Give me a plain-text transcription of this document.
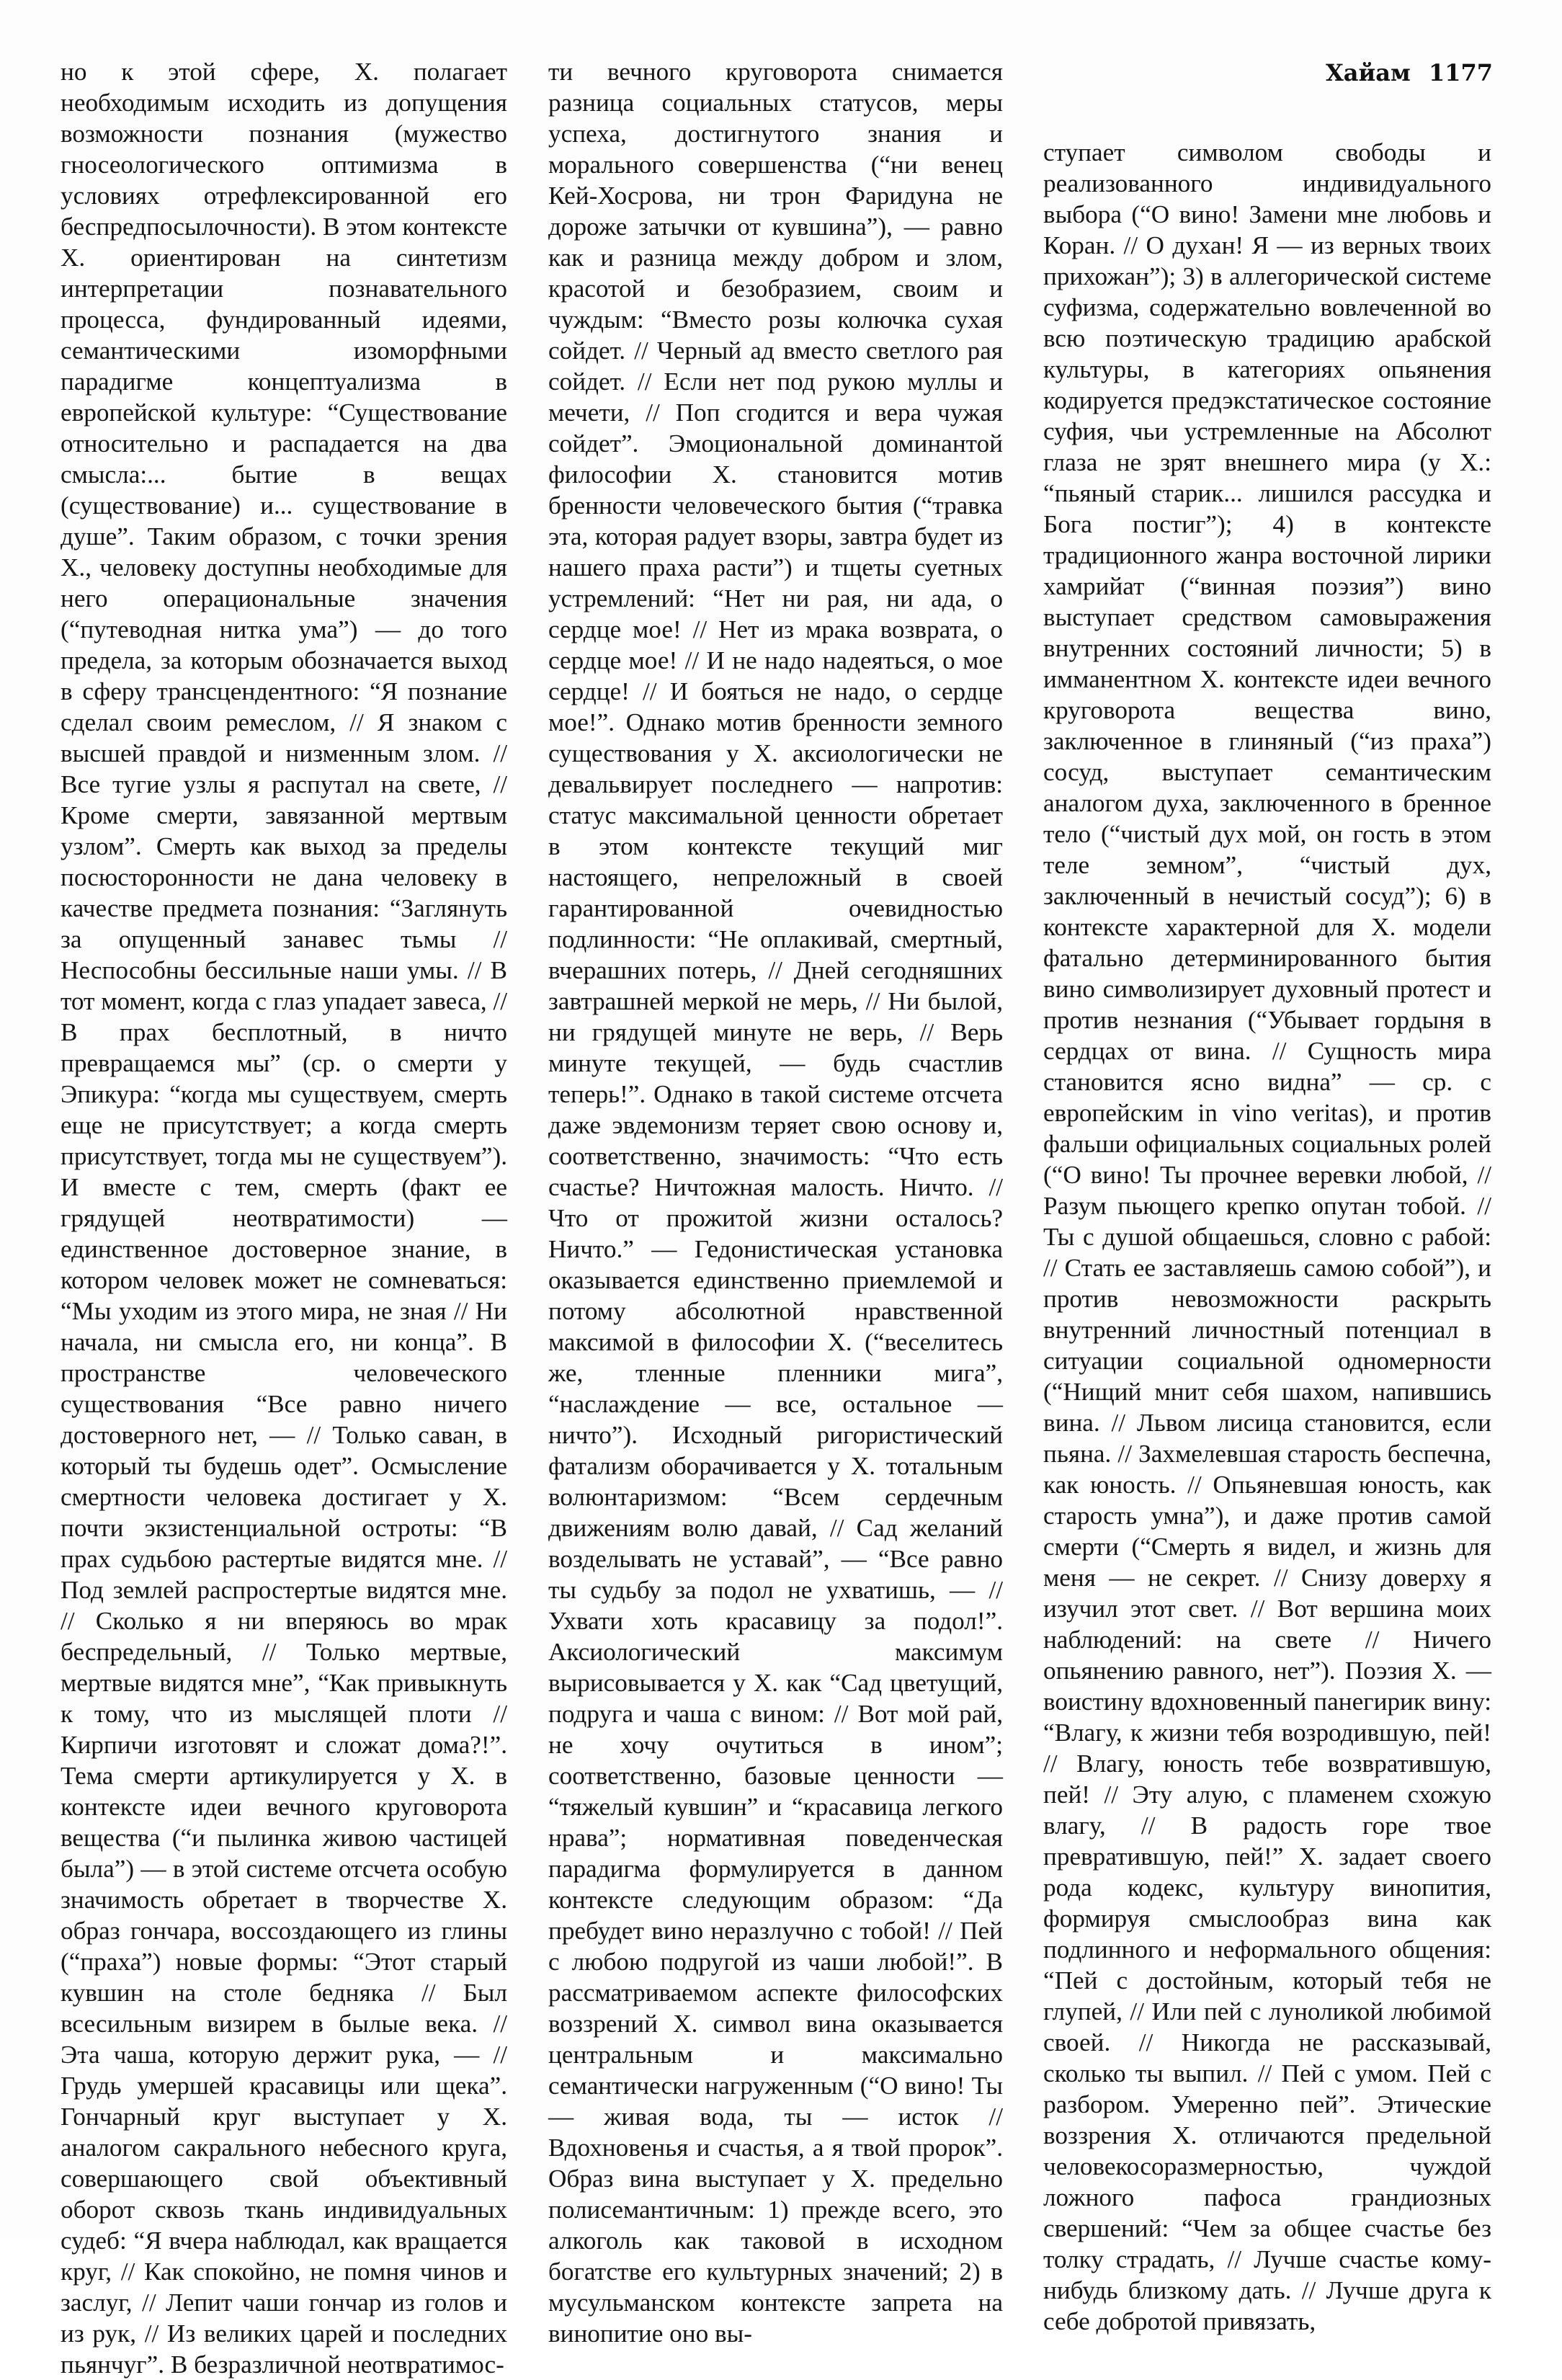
Хайам 1177

но к этой сфере, Х. полагает необходимым исходить из допущения возможности познания (мужество гносеологического оптимизма в условиях отрефлексированной его беспредпосылочности). В этом контексте Х. ориентирован на синтетизм интерпретации познавательного процесса, фундированный идеями, семантическими изоморфными парадигме концептуализма в европейской культуре: “Существование относительно и распадается на два смысла:... бытие в вещах (существование) и... существование в душе”. Таким образом, с точки зрения Х., человеку доступны необходимые для него операциональные значения (“путеводная нитка ума”) — до того предела, за которым обозначается выход в сферу трансцендентного: “Я познание сделал своим ремеслом, // Я знаком с высшей правдой и низменным злом. // Все тугие узлы я распутал на свете, // Кроме смерти, завязанной мертвым узлом”. Смерть как выход за пределы посюсторонности не дана человеку в качестве предмета познания: “Заглянуть за опущенный занавес тьмы // Неспособны бессильные наши умы. // В тот момент, когда с глаз упадает завеса, // В прах бесплотный, в ничто превращаемся мы” (ср. о смерти у Эпикура: “когда мы существуем, смерть еще не присутствует; а когда смерть присутствует, тогда мы не существуем”). И вместе с тем, смерть (факт ее грядущей неотвратимости) — единственное достоверное знание, в котором человек может не сомневаться: “Мы уходим из этого мира, не зная // Ни начала, ни смысла его, ни конца”. В пространстве человеческого существования “Все равно ничего достоверного нет, — // Только саван, в который ты будешь одет”. Осмысление смертности человека достигает у Х. почти экзистенциальной остроты: “В прах судьбою растертые видятся мне. // Под землей распростертые видятся мне. // Сколько я ни вперяюсь во мрак беспредельный, // Только мертвые, мертвые видятся мне”, “Как привыкнуть к тому, что из мыслящей плоти // Кирпичи изготовят и сложат дома?!”. Тема смерти артикулируется у Х. в контексте идеи вечного круговорота вещества (“и пылинка живою частицей была”) — в этой системе отсчета особую значимость обретает в творчестве Х. образ гончара, воссоздающего из глины (“праха”) новые формы: “Этот старый кувшин на столе бедняка // Был всесильным визирем в былые века. // Эта чаша, которую держит рука, — // Грудь умершей красавицы или щека”. Гончарный круг выступает у Х. аналогом сакрального небесного круга, совершающего свой объективный оборот сквозь ткань индивидуальных судеб: “Я вчера наблюдал, как вращается круг, // Как спокойно, не помня чинов и заслуг, // Лепит чаши гончар из голов и из рук, // Из великих царей и последних пьянчуг”. В безразличной неотвратимос-

ти вечного круговорота снимается разница социальных статусов, меры успеха, достигнутого знания и морального совершенства (“ни венец Кей-Хосрова, ни трон Фаридуна не дороже затычки от кувшина”), — равно как и разница между добром и злом, красотой и безобразием, своим и чуждым: “Вместо розы колючка сухая сойдет. // Черный ад вместо светлого рая сойдет. // Если нет под рукою муллы и мечети, // Поп сгодится и вера чужая сойдет”. Эмоциональной доминантой философии Х. становится мотив бренности человеческого бытия (“травка эта, которая радует взоры, завтра будет из нашего праха расти”) и тщеты суетных устремлений: “Нет ни рая, ни ада, о сердце мое! // Нет из мрака возврата, о сердце мое! // И не надо надеяться, о мое сердце! // И бояться не надо, о сердце мое!”. Однако мотив бренности земного существования у Х. аксиологически не девальвирует последнего — напротив: статус максимальной ценности обретает в этом контексте текущий миг настоящего, непреложный в своей гарантированной очевидностью подлинности: “Не оплакивай, смертный, вчерашних потерь, // Дней сегодняшних завтрашней меркой не мерь, // Ни былой, ни грядущей минуте не верь, // Верь минуте текущей, — будь счастлив теперь!”. Однако в такой системе отсчета даже эвдемонизм теряет свою основу и, соответственно, значимость: “Что есть счастье? Ничтожная малость. Ничто. // Что от прожитой жизни осталось? Ничто.” — Гедонистическая установка оказывается единственно приемлемой и потому абсолютной нравственной максимой в философии Х. (“веселитесь же, тленные пленники мига”, “наслаждение — все, остальное — ничто”). Исходный ригористический фатализм оборачивается у Х. тотальным волюнтаризмом: “Всем сердечным движениям волю давай, // Сад желаний возделывать не уставай”, — “Все равно ты судьбу за подол не ухватишь, — // Ухвати хоть красавицу за подол!”. Аксиологический максимум вырисовывается у Х. как “Сад цветущий, подруга и чаша с вином: // Вот мой рай, не хочу очутиться в ином”; соответственно, базовые ценности — “тяжелый кувшин” и “красавица легкого нрава”; нормативная поведенческая парадигма формулируется в данном контексте следующим образом: “Да пребудет вино неразлучно с тобой! // Пей с любою подругой из чаши любой!”. В рассматриваемом аспекте философских воззрений Х. символ вина оказывается центральным и максимально семантически нагруженным (“О вино! Ты — живая вода, ты — исток // Вдохновенья и счастья, а я твой пророк”. Образ вина выступает у Х. предельно полисемантичным: 1) прежде всего, это алкоголь как таковой в исходном богатстве его культурных значений; 2) в мусульманском контексте запрета на винопитие оно вы-

ступает символом свободы и реализованного индивидуального выбора (“О вино! Замени мне любовь и Коран. // О духан! Я — из верных твоих прихожан”); 3) в аллегорической системе суфизма, содержательно вовлеченной во всю поэтическую традицию арабской культуры, в категориях опьянения кодируется предэкстатическое состояние суфия, чьи устремленные на Абсолют глаза не зрят внешнего мира (у Х.: “пьяный старик... лишился рассудка и Бога постиг”); 4) в контексте традиционного жанра восточной лирики хамрийат (“винная поэзия”) вино выступает средством самовыражения внутренних состояний личности; 5) в имманентном Х. контексте идеи вечного круговорота вещества вино, заключенное в глиняный (“из праха”) сосуд, выступает семантическим аналогом духа, заключенного в бренное тело (“чистый дух мой, он гость в этом теле земном”, “чистый дух, заключенный в нечистый сосуд”); 6) в контексте характерной для Х. модели фатально детерминированного бытия вино символизирует духовный протест и против незнания (“Убывает гордыня в сердцах от вина. // Сущность мира становится ясно видна” — ср. с европейским in vino veritas), и против фальши официальных социальных ролей (“О вино! Ты прочнее веревки любой, // Разум пьющего крепко опутан тобой. // Ты с душой общаешься, словно с рабой: // Стать ее заставляешь самою собой”), и против невозможности раскрыть внутренний личностный потенциал в ситуации социальной одномерности (“Нищий мнит себя шахом, напившись вина. // Львом лисица становится, если пьяна. // Захмелевшая старость беспечна, как юность. // Опьяневшая юность, как старость умна”), и даже против самой смерти (“Смерть я видел, и жизнь для меня — не секрет. // Снизу доверху я изучил этот свет. // Вот вершина моих наблюдений: на свете // Ничего опьянению равного, нет”). Поэзия Х. — воистину вдохновенный панегирик вину: “Влагу, к жизни тебя возродившую, пей! // Влагу, юность тебе возвратившую, пей! // Эту алую, с пламенем схожую влагу, // В радость горе твое превратившую, пей!” Х. задает своего рода кодекс, культуру винопития, формируя смыслообраз вина как подлинного и неформального общения: “Пей с достойным, который тебя не глупей, // Или пей с луноликой любимой своей. // Никогда не рассказывай, сколько ты выпил. // Пей с умом. Пей с разбором. Умеренно пей”. Этические воззрения Х. отличаются предельной человекосоразмерностью, чуждой ложного пафоса грандиозных свершений: “Чем за общее счастье без толку страдать, // Лучше счастье кому-нибудь близкому дать. // Лучше друга к себе добротой привязать,
